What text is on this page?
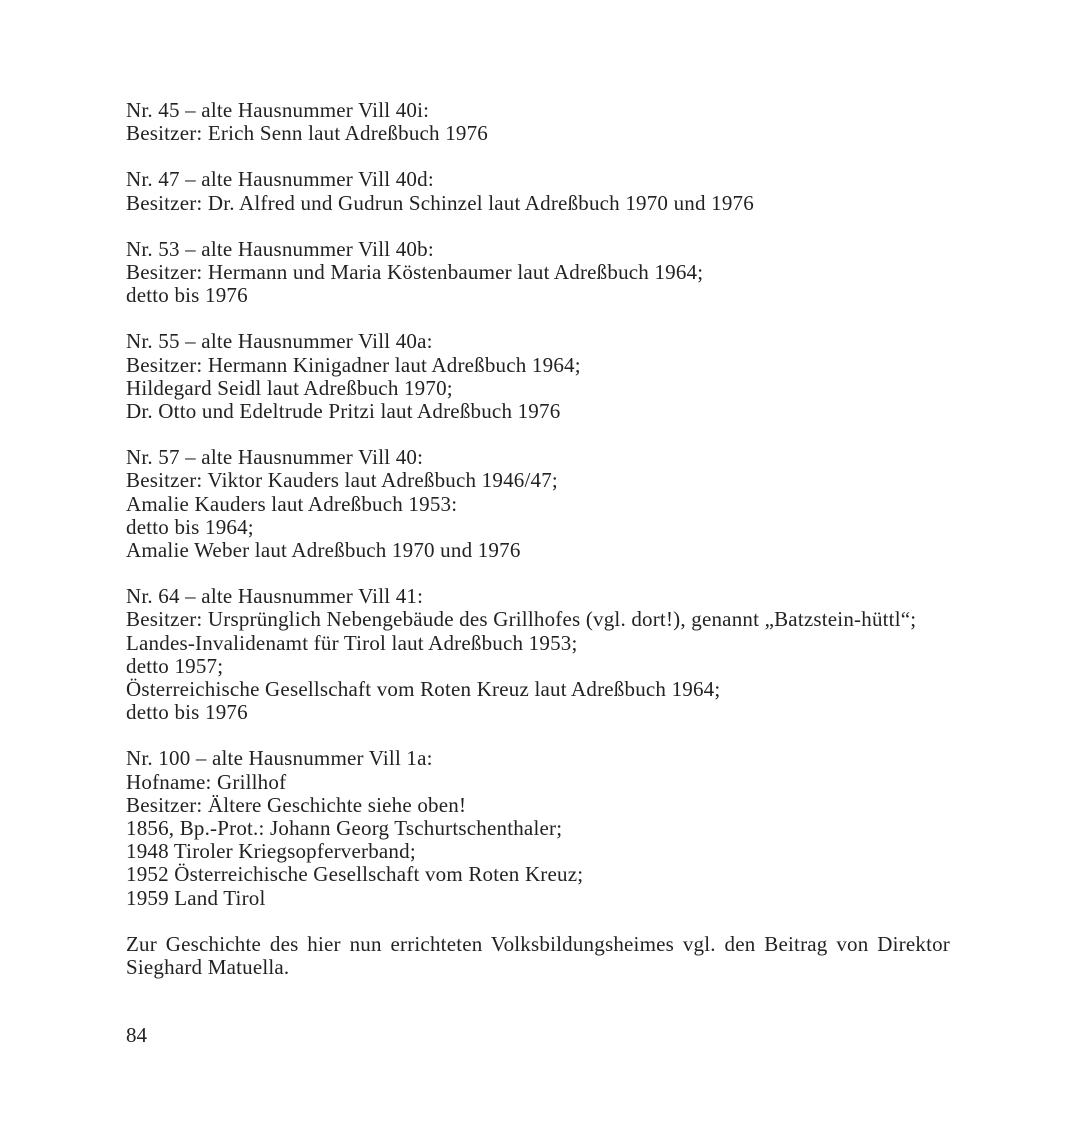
Nr. 45 – alte Hausnummer Vill 40i:
Besitzer: Erich Senn laut Adreßbuch 1976
Nr. 47 – alte Hausnummer Vill 40d:
Besitzer: Dr. Alfred und Gudrun Schinzel laut Adreßbuch 1970 und 1976
Nr. 53 – alte Hausnummer Vill 40b:
Besitzer: Hermann und Maria Köstenbaumer laut Adreßbuch 1964;
detto bis 1976
Nr. 55 – alte Hausnummer Vill 40a:
Besitzer: Hermann Kinigadner laut Adreßbuch 1964;
Hildegard Seidl laut Adreßbuch 1970;
Dr. Otto und Edeltrude Pritzi laut Adreßbuch 1976
Nr. 57 – alte Hausnummer Vill 40:
Besitzer: Viktor Kauders laut Adreßbuch 1946/47;
Amalie Kauders laut Adreßbuch 1953:
detto bis 1964;
Amalie Weber laut Adreßbuch 1970 und 1976
Nr. 64 – alte Hausnummer Vill 41:
Besitzer: Ursprünglich Nebengebäude des Grillhofes (vgl. dort!), genannt „Batzstein-hüttl“;
Landes-Invalidenamt für Tirol laut Adreßbuch 1953;
detto 1957;
Österreichische Gesellschaft vom Roten Kreuz laut Adreßbuch 1964;
detto bis 1976
Nr. 100 – alte Hausnummer Vill 1a:
Hofname: Grillhof
Besitzer: Ältere Geschichte siehe oben!
1856, Bp.-Prot.: Johann Georg Tschurtschenthaler;
1948 Tiroler Kriegsopferverband;
1952 Österreichische Gesellschaft vom Roten Kreuz;
1959 Land Tirol

Zur Geschichte des hier nun errichteten Volksbildungsheimes vgl. den Beitrag von Direktor Sieghard Matuella.

84
